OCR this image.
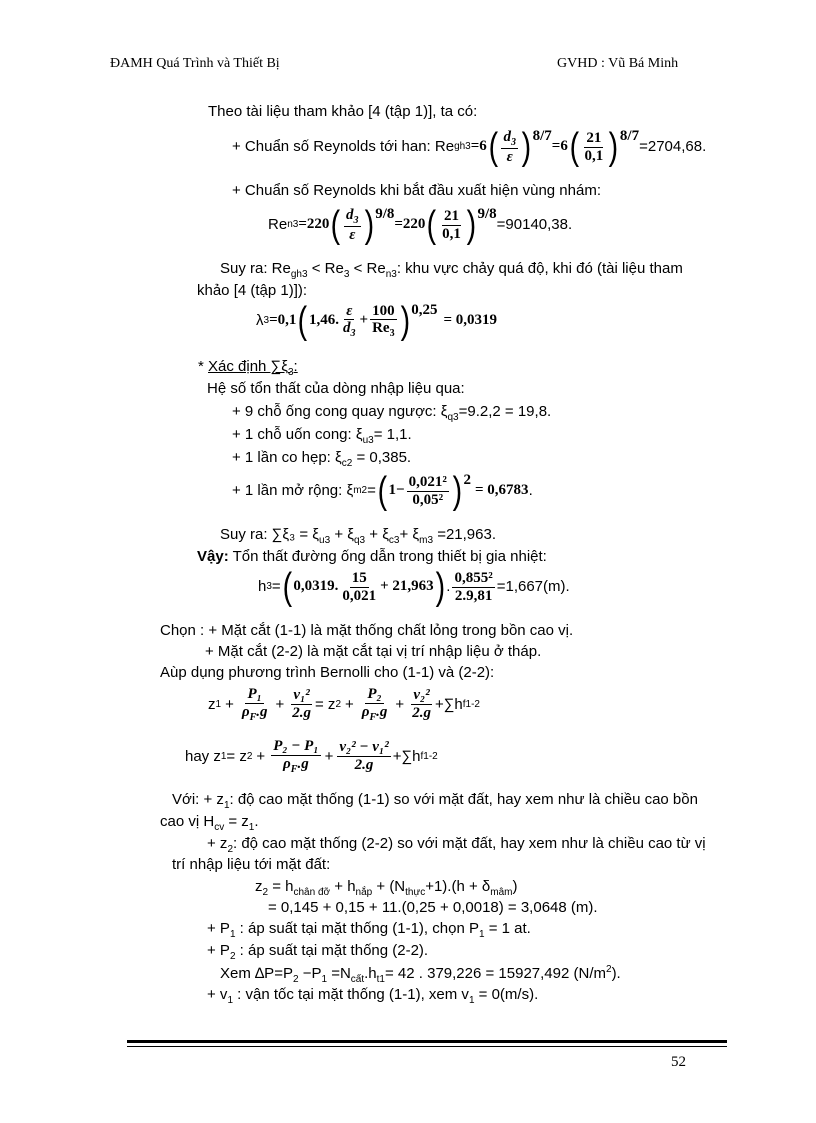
ĐAMH Quá Trình và Thiết Bị	GVHD : Vũ Bá Minh
Theo tài liệu tham khảo [4 (tập 1)], ta có:
+ Chuẩn số Reynolds tới han: Re gh3 =6 ( $\frac{d_3}{\varepsilon}$ ) 8/7
=6 ( $\frac{21}{0,1}$ ) 8/7
=2704,68.
+ Chuẩn số Reynolds khi bắt đầu xuất hiện vùng nhám:
Re n3 =220 ( $\frac{d_3}{\varepsilon}$ ) 9/8
=220 ( $\frac{21}{0,1}$ ) 9/8
=90140,38.
Suy ra: $Re_{gh3} < Re_3 < Re_{n3}$: khu vực chảy quá độ, khi đó (tài liệu tham
khảo [4 (tập 1)]):
λ 3 =0,1 ( 1,46. $\frac{\varepsilon}{d_3} + \frac{100}{Re_3}$ ) 0,25
= 0,0319
* Xác định $\sum\xi_3$:
Hệ số tổn thất của dòng nhập liệu qua:
+ 9 chỗ ống cong quay ngược: $\xi_{q3}=9.2,2 = 19,8$.
+ 1 chỗ uốn cong: $\xi_{u3}= 1,1$.
+ 1 lần co hẹp: $\xi_{c2} = 0,385$.
+ 1 lần mở rộng: ξ m2 = ( $1- \frac{\text{0,021²}}{\text{0,05²}}$ ) 2
= 0,6783 .
Suy ra: $\sum\xi_3 = \xi_{u3} + \xi_{q3} + \xi_{c3}+ \xi_{m3} =21,963$.
Vậy: Tổn thất đường ống dẫn trong thiết bị gia nhiệt:
h 3 = ( 0,0319. $\frac{15}{0,021} + 21,963$ ) . $\frac{\text{0,855²}}{2.9,81} =1,667(m)$.
Chọn : + Mặt cắt (1-1) là mặt thống chất lỏng trong bồn cao vị.
+ Mặt cắt (2-2) là mặt cắt tại vị trí nhập liệu ở tháp.
Aùp dụng phương trình Bernolli cho (1-1) và (2-2):
z $1 + \frac{\text{P₁}}{\rho_F.g} + \frac{\text{v₁²}}{2.g} = z$ $2 + \frac{\text{P₂}}{\rho_F.g} + \frac{\text{v₂²}}{2.g} +\sum h$ f1-2
hay z 1 = z $2 + \frac{\text{P₂ − P₁}}{\rho_F.g} + \frac{\text{v₂² − v₁²}}{2.g} +\sum h$ f1-2
Với: + $z_1$: độ cao mặt thống (1-1) so với mặt đất, hay xem như là chiều cao bồn
cao vị $H_{cv} = z_1$.
+ $z_2$: độ cao mặt thống (2-2) so với mặt đất, hay xem như là chiều cao từ vị
trí nhập liệu tới mặt đất:
$z_2 = h_{chân đỡ} + h_{nắp} + (N_{thực}+1).(h + \delta_{mâm})$
= 0,145 + 0,15 + 11.(0,25 + 0,0018) = 3,0648 (m).
+ $P_1$ : áp suất tại mặt thống (1-1), chọn $P_1 = 1$ at.
+ $P_2$ : áp suất tại mặt thống (2-2).
Xem $\Delta P=P_2 -P_1 =N_{cất}.h_{t1}= 42$ . 379,226 = 15927,492 $(N/m^2)$.
+ $v_1$ : vận tốc tại mặt thống (1-1), xem $v_1 = 0(m/s)$.
52
